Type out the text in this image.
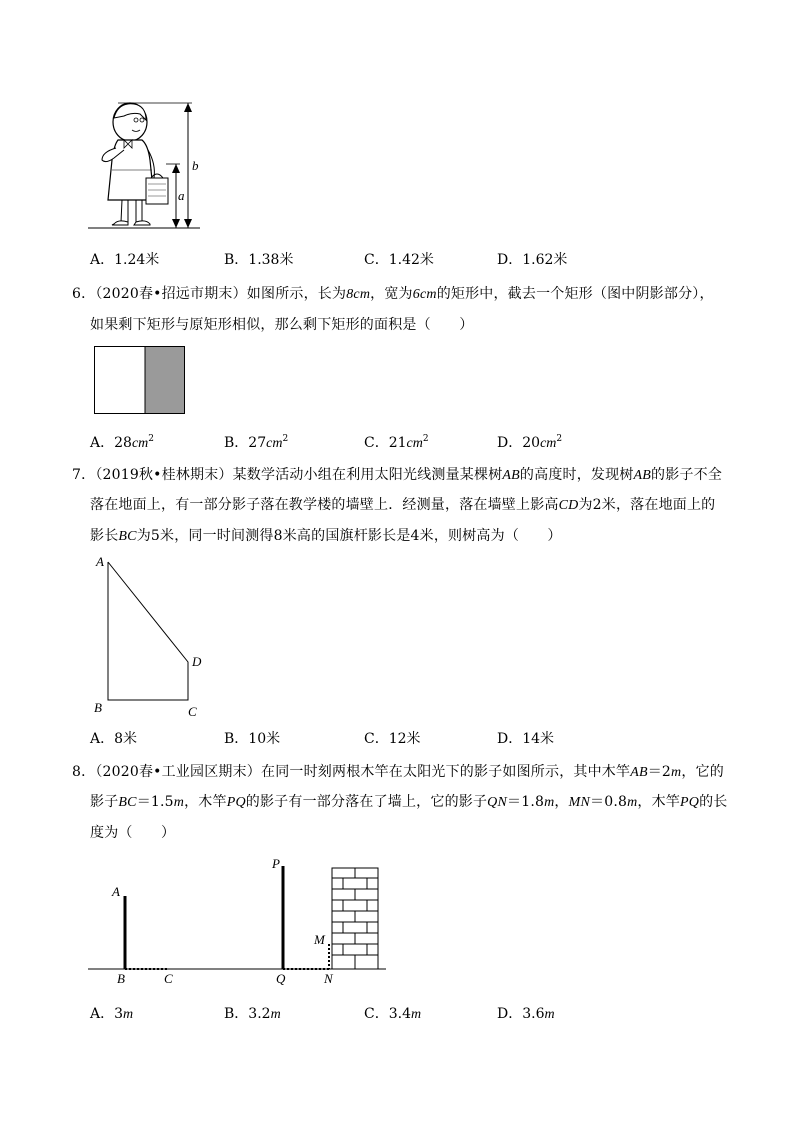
a
b
A．1.24米	B．1.38米	C．1.42米	D．1.62米
6．（2020春•招远市期末）如图所示，长为8cm，宽为6cm的矩形中，截去一个矩形（图中阴影部分），
如果剩下矩形与原矩形相似，那么剩下矩形的面积是（　　）
A．$28cm^2$	B．$27cm^2$	C．$21cm^2$	D．$20cm^2$
7．（2019秋•桂林期末）某数学活动小组在利用太阳光线测量某棵树AB的高度时，发现树AB的影子不全
落在地面上，有一部分影子落在教学楼的墙壁上．经测量，落在墙壁上影高CD为2米，落在地面上的
影长BC为5米，同一时间测得8米高的国旗杆影长是4米，则树高为（　　）
A
B	C
D
A．8米	B．10米	C．12米	D．14米
8．（2020春•工业园区期末）在同一时刻两根木竿在太阳光下的影子如图所示，其中木竿AB＝2m，它的
影子BC＝1.5m，木竿PQ的影子有一部分落在了墙上，它的影子QN＝1.8m，MN＝0.8m，木竿PQ的长
度为（　　）
A
B	C
P
Q
M
N
A．3m	B．3.2m	C．3.4m	D．3.6m
